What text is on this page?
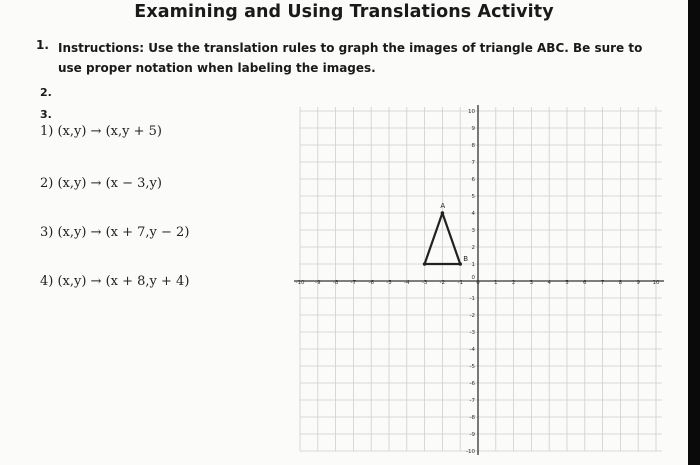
Examining and Using Translations Activity
1. Instructions: Use the translation rules to graph the images of triangle ABC. Be sure to use proper notation when labeling the images.
2.
3.
1) (x,y) → (x,y + 5)
2) (x,y) → (x − 3,y)
3) (x,y) → (x + 7,y − 2)
4) (x,y) → (x + 8,y + 4)	-10 -9 -8 -7 -6 -5 -4 -3 -2 -1 0	1	2	3	4	5	6	7	8	9 10
10
9
8
7
6
5
4
3
2
1
-1
-2
-3
-4
-5
-6
-7
-8
-9
-10
0
A
B
